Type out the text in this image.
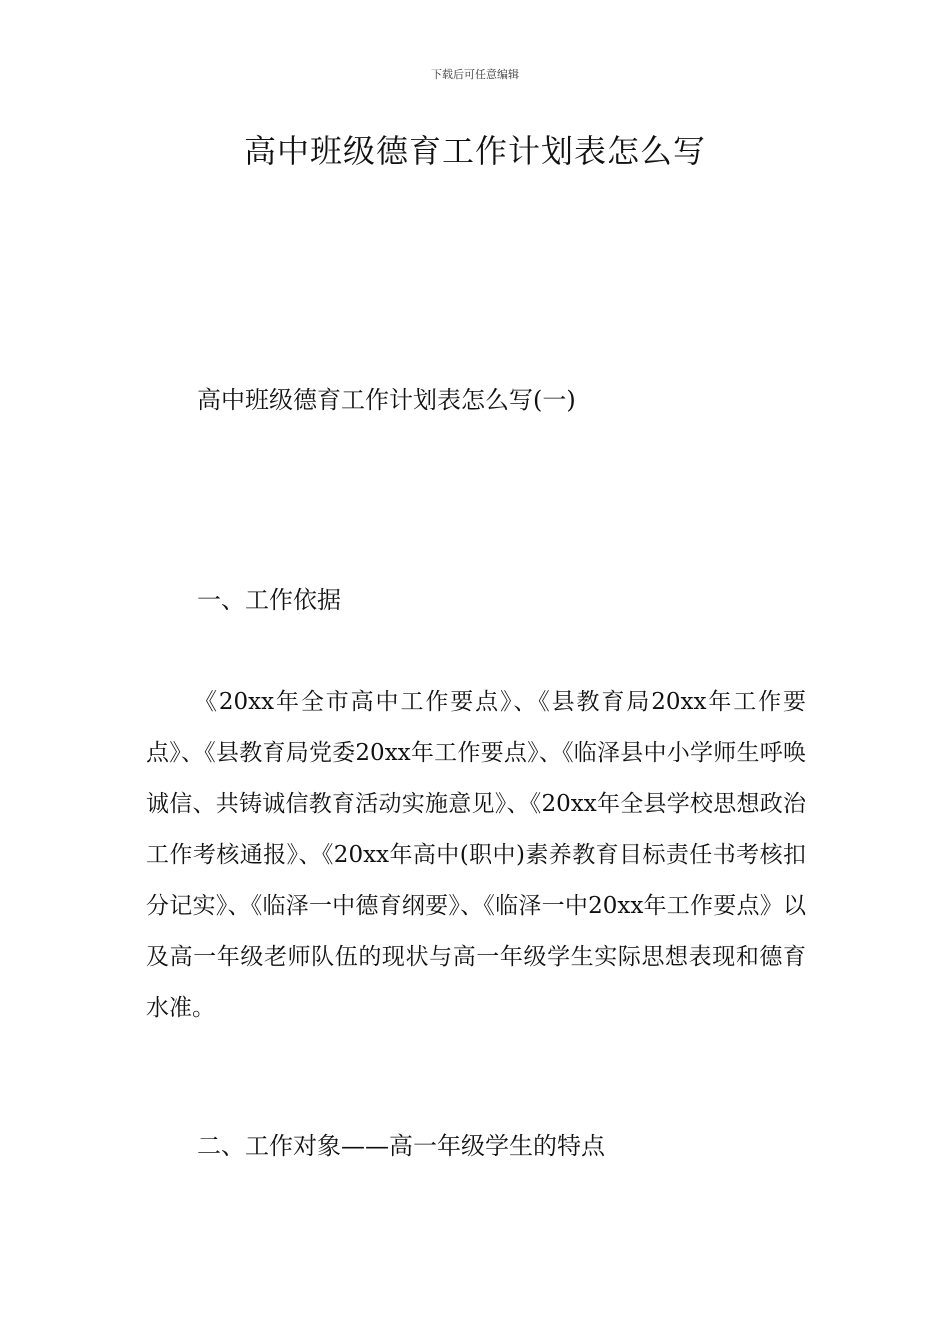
下载后可任意编辑
高中班级德育工作计划表怎么写

高中班级德育工作计划表怎么写(一)

一、工作依据

《20xx年全市高中工作要点》、《县教育局20xx年工作要点》、《县教育局党委20xx年工作要点》、《临泽县中小学师生呼唤诚信、共铸诚信教育活动实施意见》、《20xx年全县学校思想政治工作考核通报》、《20xx年高中(职中)素养教育目标责任书考核扣分记实》、《临泽一中德育纲要》、《临泽一中20xx年工作要点》以及高一年级老师队伍的现状与高一年级学生实际思想表现和德育水准。

二、工作对象——高一年级学生的特点
